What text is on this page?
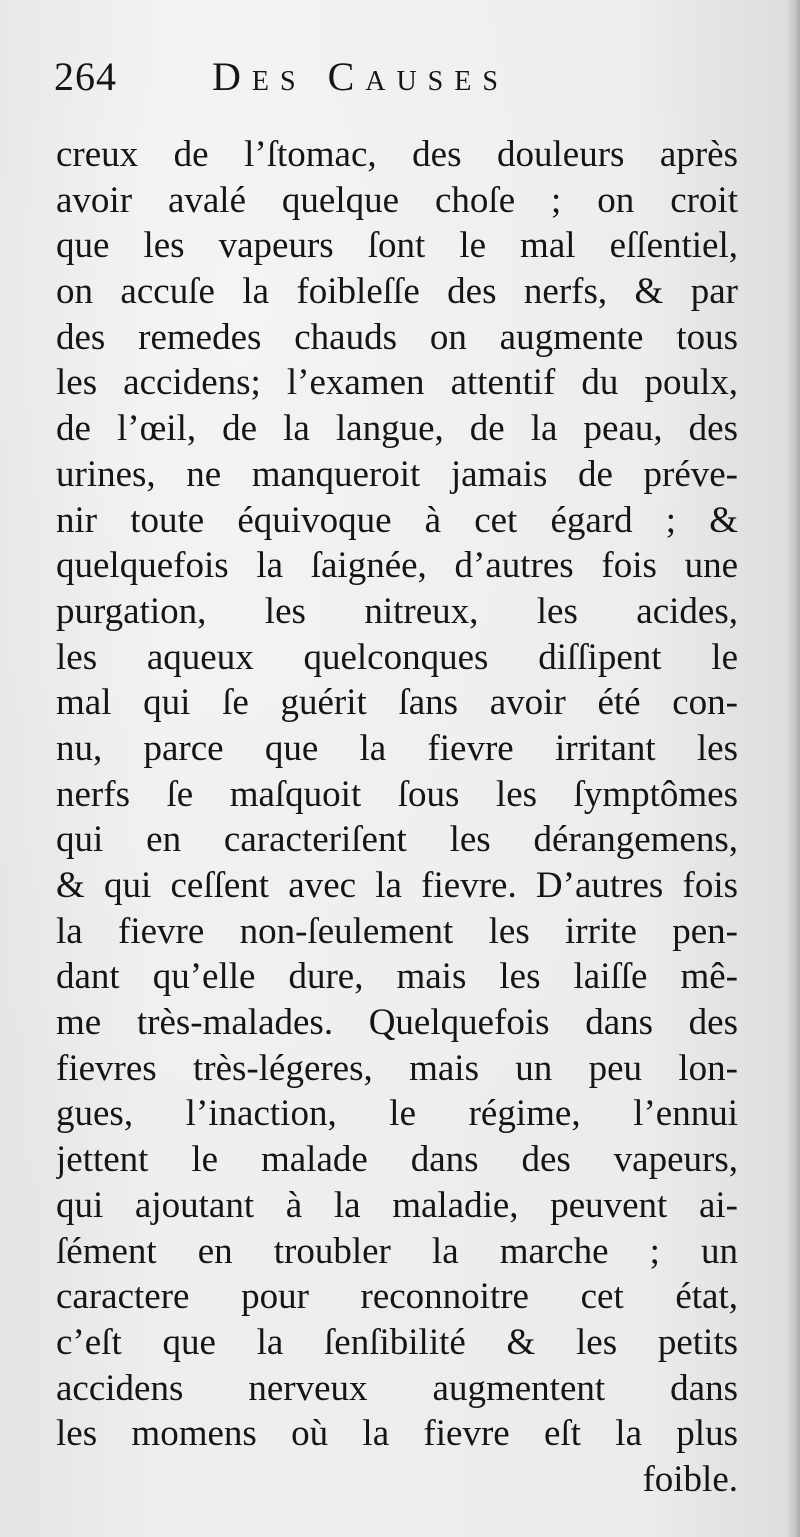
264 Des Causes
creux de l’ſtomac, des douleurs après
avoir avalé quelque choſe ; on croit
que les vapeurs ſont le mal eſſentiel,
on accuſe la foibleſſe des nerfs, & par
des remedes chauds on augmente tous
les accidens; l’examen attentif du poulx,
de l’œil, de la langue, de la peau, des
urines, ne manqueroit jamais de préve-
nir toute équivoque à cet égard ; &
quelquefois la ſaignée, d’autres fois une
purgation, les nitreux, les acides,
les aqueux quelconques diſſipent le
mal qui ſe guérit ſans avoir été con-
nu, parce que la fievre irritant les
nerfs ſe maſquoit ſous les ſymptômes
qui en caracteriſent les dérangemens,
& qui ceſſent avec la fievre. D’autres fois
la fievre non-ſeulement les irrite pen-
dant qu’elle dure, mais les laiſſe mê-
me très-malades. Quelquefois dans des
fievres très-légeres, mais un peu lon-
gues, l’inaction, le régime, l’ennui
jettent le malade dans des vapeurs,
qui ajoutant à la maladie, peuvent ai-
ſément en troubler la marche ; un
caractere pour reconnoitre cet état,
c’eſt que la ſenſibilité & les petits
accidens nerveux augmentent dans
les momens où la fievre eſt la plus
foible.
